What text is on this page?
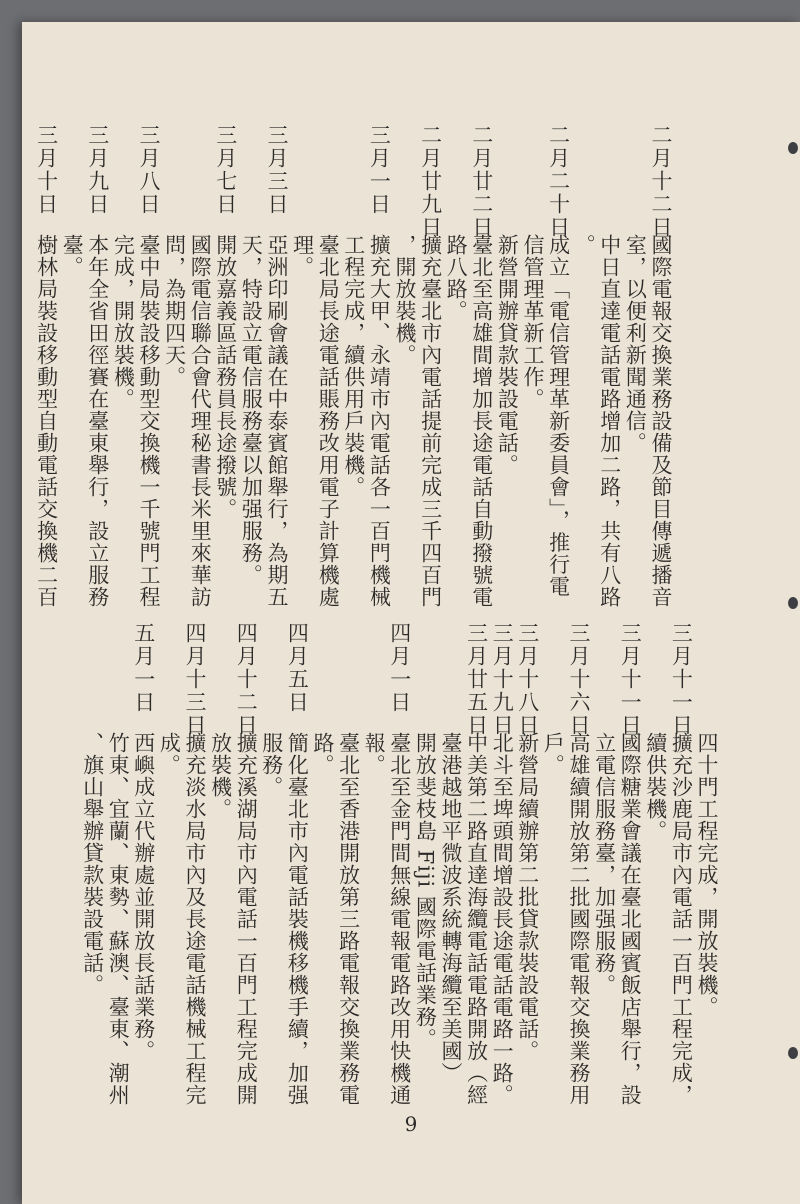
二月十二日
國際電報交換業務設備及節目傳遞播音
室，以便利新聞通信。
中日直達電話電路增加二路，共有八路
。
二月二十日
成立「電信管理革新委員會」，推行電
信管理革新工作。
新營開辦貸款裝設電話。
二月廿二日
臺北至高雄間增加長途電話自動撥號電
路八路。
二月廿九日
擴充臺北市內電話提前完成三千四百門
，開放裝機。
三月一日
擴充大甲、永靖市內電話各一百門機械
工程完成，續供用戶裝機。
臺北局長途電話賬務改用電子計算機處
理。
三月三日
亞洲印刷會議在中泰賓館舉行，為期五
天，特設立電信服務臺以加强服務。
三月七日
開放嘉義區話務員長途撥號。
國際電信聯合會代理秘書長米里來華訪
問，為期四天。
三月八日
臺中局裝設移動型交換機一千號門工程
完成，開放裝機。
三月九日
本年全省田徑賽在臺東舉行，設立服務
臺。
三月十日
樹林局裝設移動型自動電話交換機二百
四十門工程完成，開放裝機。
三月十一日
擴充沙鹿局市內電話一百門工程完成，
續供裝機。
三月十一日
國際糖業會議在臺北國賓飯店舉行，設
立電信服務臺，加强服務。
三月十六日
高雄續開放第二批國際電報交換業務用
戶。
三月十八日
新營局續辦第二批貸款裝設電話。
三月十九日
北斗至埤頭間增設長途電話電路一路。
三月廿五日
中美第二路直達海纜電話電路開放（經
臺港越地平微波系統轉海纜至美國）
開放斐枝島 Fiji 國際電話業務。
四月一日
臺北至金門間無線電報電路改用快機通
報。
臺北至香港開放第三路電報交換業務電
路。
四月五日
簡化臺北市內電話裝機移機手續，加强
服務。
四月十二日
擴充溪湖局市內電話一百門工程完成開
放裝機。
四月十三日
擴充淡水局市內及長途電話機械工程完
成。
五月一日
西嶼成立代辦處並開放長話業務。
竹東、宜蘭、東勢、蘇澳、臺東、潮州
、旗山舉辦貸款裝設電話。
9
